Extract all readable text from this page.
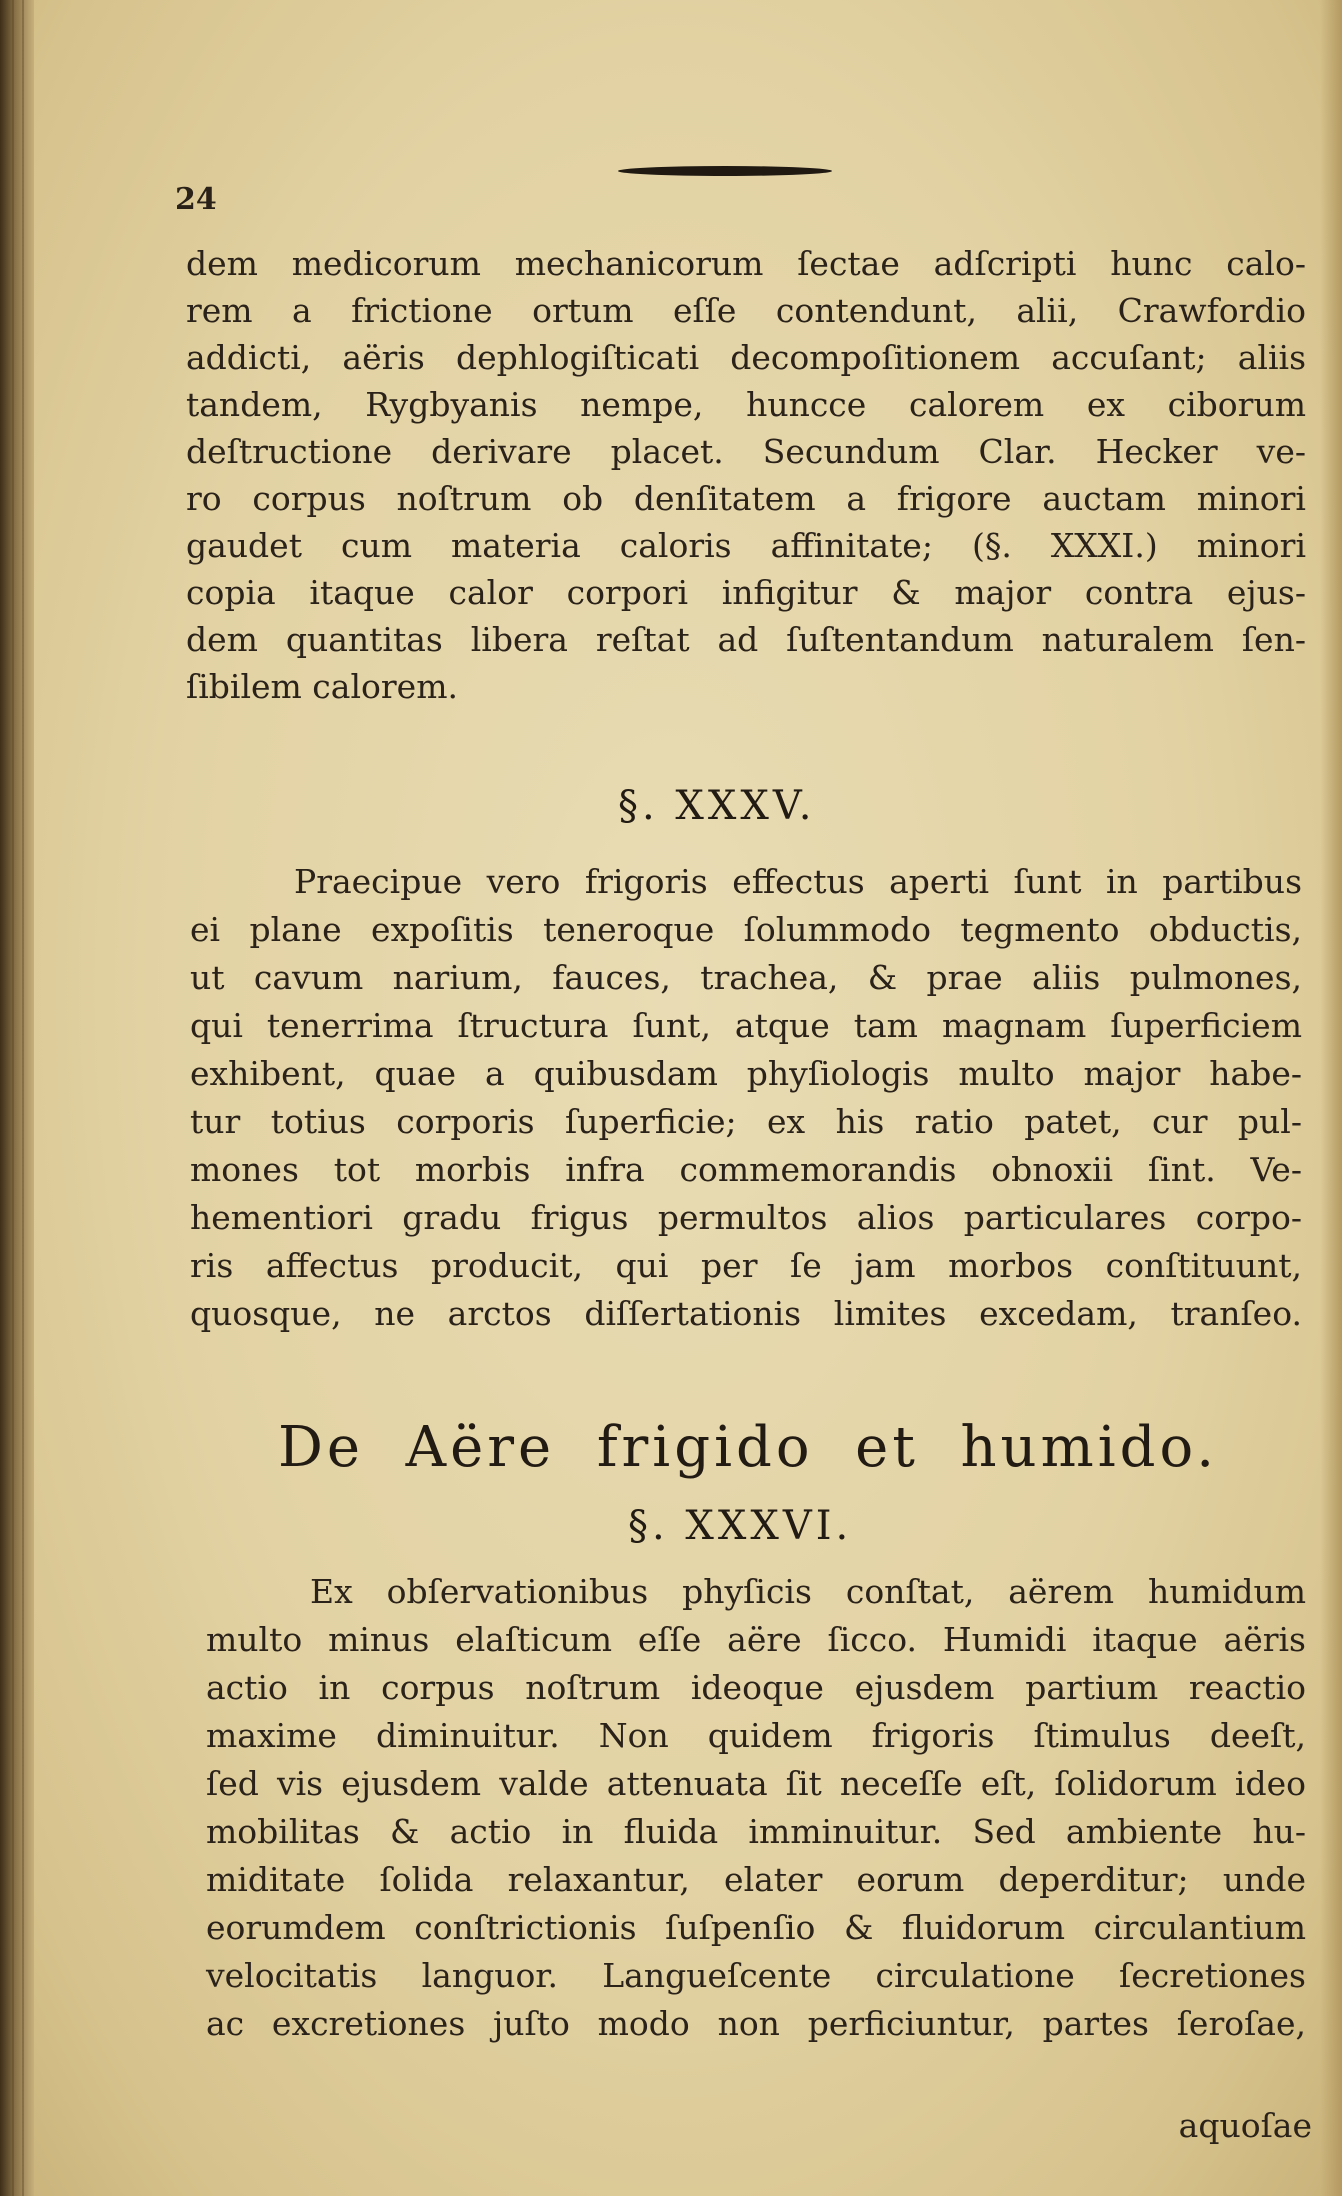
24
dem medicorum mechanicorum ſectae adſcripti hunc calo-
rem a frictione ortum eſſe contendunt, alii, Crawfordio
addicti, aëris dephlogiſticati decompoſitionem accuſant; aliis
tandem, Rygbyanis nempe, huncce calorem ex ciborum
deſtructione derivare placet. Secundum Clar. Hecker ve-
ro corpus noſtrum ob denſitatem a frigore auctam minori
gaudet cum materia caloris affinitate; (§. XXXI.) minori
copia itaque calor corpori infigitur & major contra ejus-
dem quantitas libera reſtat ad ſuſtentandum naturalem ſen-
ſibilem calorem.
§. XXXV.
Praecipue vero frigoris effectus aperti ſunt in partibus
ei plane expoſitis teneroque ſolummodo tegmento obductis,
ut cavum narium, fauces, trachea, & prae aliis pulmones,
qui tenerrima ſtructura ſunt, atque tam magnam ſuperficiem
exhibent, quae a quibusdam phyſiologis multo major habe-
tur totius corporis ſuperficie; ex his ratio patet, cur pul-
mones tot morbis infra commemorandis obnoxii ſint. Ve-
hementiori gradu frigus permultos alios particulares corpo-
ris affectus producit, qui per ſe jam morbos conſtituunt,
quosque, ne arctos diſſertationis limites excedam, tranſeo.
De Aëre frigido et humido.
§. XXXVI.
Ex obſervationibus phyſicis conſtat, aërem humidum
multo minus elaſticum eſſe aëre ſicco. Humidi itaque aëris
actio in corpus noſtrum ideoque ejusdem partium reactio
maxime diminuitur. Non quidem frigoris ſtimulus deeſt,
ſed vis ejusdem valde attenuata ſit neceſſe eſt, ſolidorum ideo
mobilitas & actio in fluida imminuitur. Sed ambiente hu-
miditate ſolida relaxantur, elater eorum deperditur; unde
eorumdem conſtrictionis ſuſpenſio & fluidorum circulantium
velocitatis languor. Langueſcente circulatione ſecretiones
ac excretiones juſto modo non perficiuntur, partes ſeroſae,
aquoſae
